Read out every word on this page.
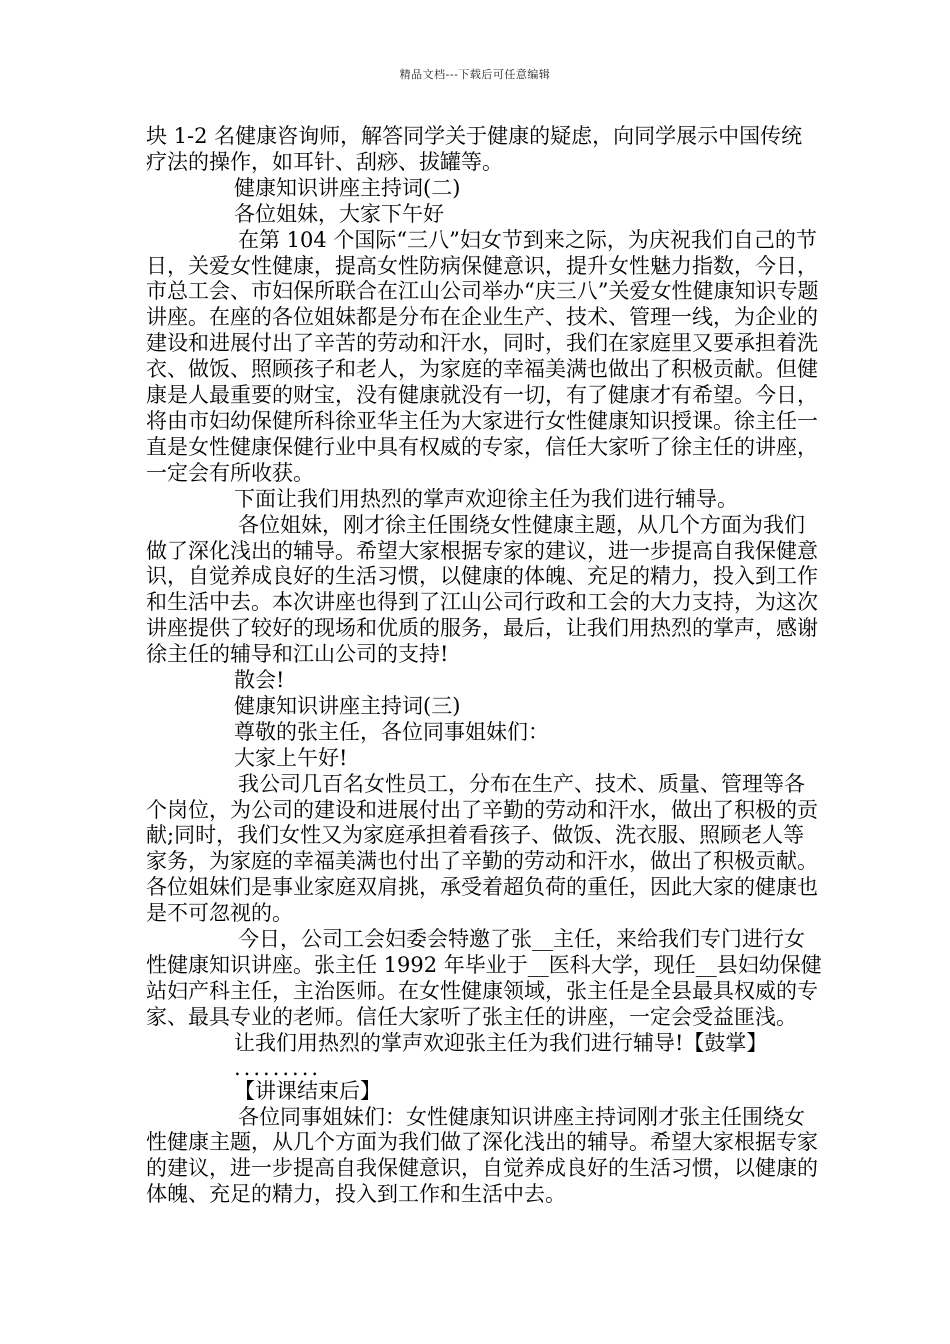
精品文档---下载后可任意编辑

块 1-2 名健康咨询师，解答同学关于健康的疑虑，向同学展示中国传统疗法的操作，如耳针、刮痧、拔罐等。

健康知识讲座主持词(二)

各位姐妹，大家下午好

在第 104 个国际“三八”妇女节到来之际，为庆祝我们自己的节日，关爱女性健康，提高女性防病保健意识，提升女性魅力指数，今日，市总工会、市妇保所联合在江山公司举办“庆三八”关爱女性健康知识专题讲座。在座的各位姐妹都是分布在企业生产、技术、管理一线，为企业的建设和进展付出了辛苦的劳动和汗水，同时，我们在家庭里又要承担着洗衣、做饭、照顾孩子和老人，为家庭的幸福美满也做出了积极贡献。但健康是人最重要的财宝，没有健康就没有一切，有了健康才有希望。今日，将由市妇幼保健所科徐亚华主任为大家进行女性健康知识授课。徐主任一直是女性健康保健行业中具有权威的专家，信任大家听了徐主任的讲座，一定会有所收获。

下面让我们用热烈的掌声欢迎徐主任为我们进行辅导。

各位姐妹，刚才徐主任围绕女性健康主题，从几个方面为我们做了深化浅出的辅导。希望大家根据专家的建议，进一步提高自我保健意识，自觉养成良好的生活习惯，以健康的体魄、充足的精力，投入到工作和生活中去。本次讲座也得到了江山公司行政和工会的大力支持，为这次讲座提供了较好的现场和优质的服务，最后，让我们用热烈的掌声，感谢徐主任的辅导和江山公司的支持!

散会!

健康知识讲座主持词(三)

尊敬的张主任，各位同事姐妹们：

大家上午好!

我公司几百名女性员工，分布在生产、技术、质量、管理等各个岗位，为公司的建设和进展付出了辛勤的劳动和汗水，做出了积极的贡献;同时，我们女性又为家庭承担着看孩子、做饭、洗衣服、照顾老人等家务，为家庭的幸福美满也付出了辛勤的劳动和汗水，做出了积极贡献。各位姐妹们是事业家庭双肩挑，承受着超负荷的重任，因此大家的健康也是不可忽视的。

今日，公司工会妇委会特邀了张__主任，来给我们专门进行女性健康知识讲座。张主任 1992 年毕业于__医科大学，现任__县妇幼保健站妇产科主任，主治医师。在女性健康领域，张主任是全县最具权威的专家、最具专业的老师。信任大家听了张主任的讲座，一定会受益匪浅。

让我们用热烈的掌声欢迎张主任为我们进行辅导!【鼓掌】

.........

【讲课结束后】

各位同事姐妹们：女性健康知识讲座主持词刚才张主任围绕女性健康主题，从几个方面为我们做了深化浅出的辅导。希望大家根据专家的建议，进一步提高自我保健意识，自觉养成良好的生活习惯，以健康的体魄、充足的精力，投入到工作和生活中去。
